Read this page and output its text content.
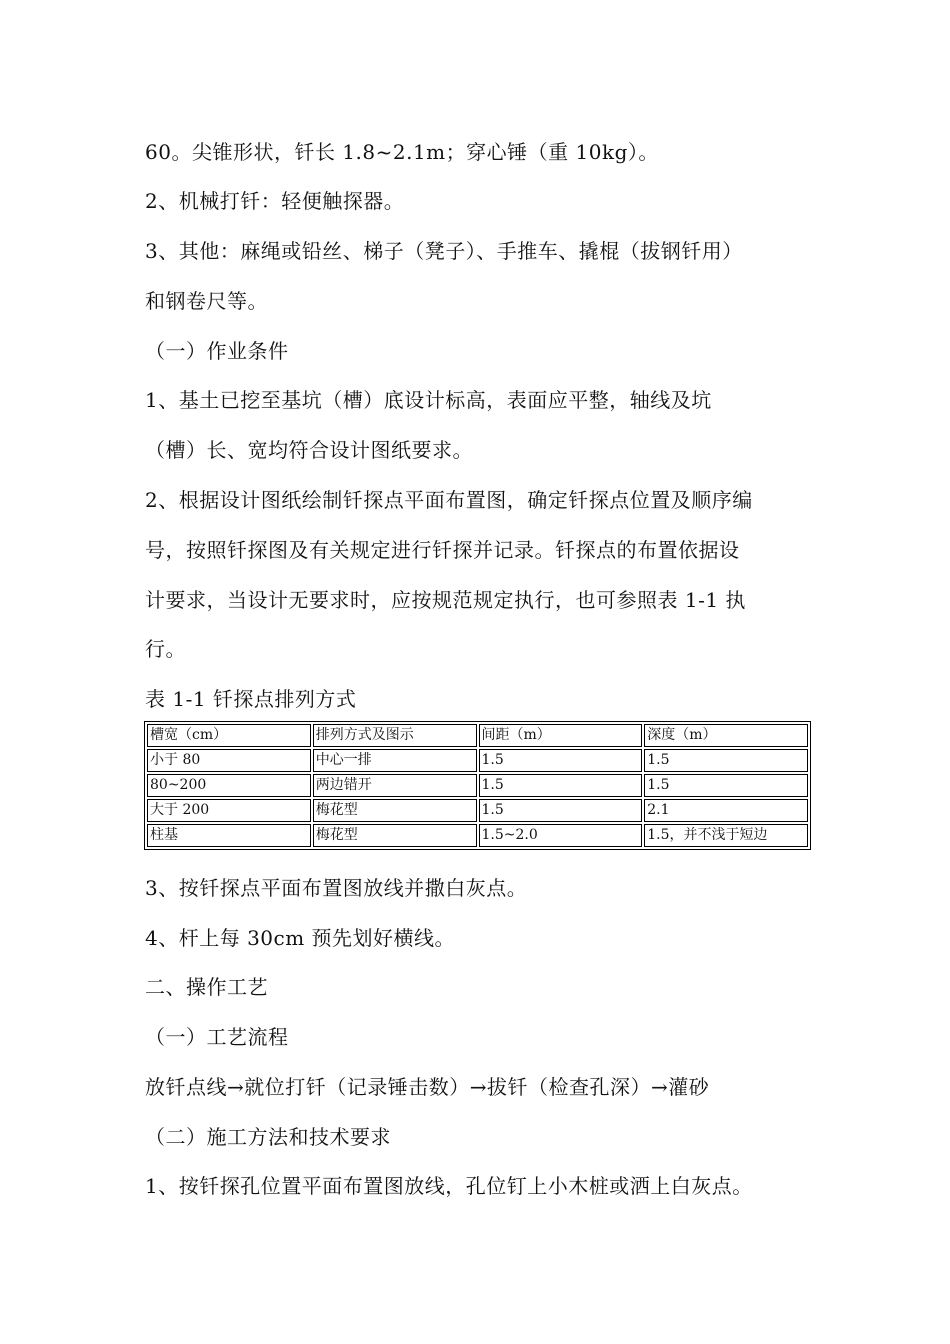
60。尖锥形状，钎长 1.8~2.1m；穿心锤（重 10kg）。
2、机械打钎：轻便触探器。
3、其他：麻绳或铅丝、梯子（凳子）、手推车、撬棍（拔钢钎用）
和钢卷尺等。
（一）作业条件
1、基土已挖至基坑（槽）底设计标高，表面应平整，轴线及坑
（槽）长、宽均符合设计图纸要求。
2、根据设计图纸绘制钎探点平面布置图，确定钎探点位置及顺序编
号，按照钎探图及有关规定进行钎探并记录。钎探点的布置依据设
计要求，当设计无要求时，应按规范规定执行，也可参照表 1-1 执
行。
表 1-1 钎探点排列方式
槽宽（cm）	排列方式及图示	间距（m）	深度（m）
小于 80	中心一排	1.5	1.5
80~200	两边错开	1.5	1.5
大于 200	梅花型	1.5	2.1
柱基	梅花型	1.5~2.0	1.5，并不浅于短边
3、按钎探点平面布置图放线并撒白灰点。
4、杆上每 30cm 预先划好横线。
二、操作工艺
（一）工艺流程
放钎点线→就位打钎（记录锤击数）→拔钎（检查孔深）→灌砂
（二）施工方法和技术要求
1、按钎探孔位置平面布置图放线，孔位钉上小木桩或洒上白灰点。
